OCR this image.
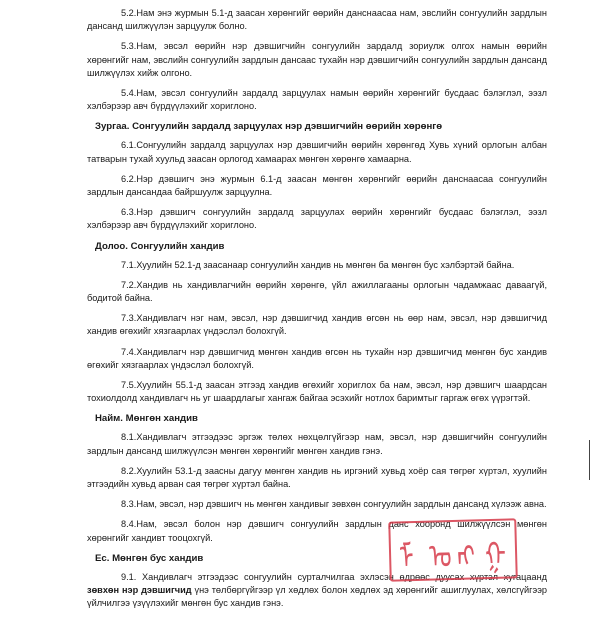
5.2.Нам энэ журмын 5.1-д заасан хөрөнгийг өөрийн данснаасаа нам, эвслийн сонгуулийн зардлын дансанд шилжүүлэн зарцуулж болно.

5.3.Нам, эвсэл өөрийн нэр дэвшигчийн сонгуулийн зардалд зориулж олгох намын өөрийн хөрөнгийг нам, эвслийн сонгуулийн зардлын дансаас тухайн нэр дэвшигчийн сонгуулийн зардлын дансанд шилжүүлэх хийж олгоно.

5.4.Нам, эвсэл сонгуулийн зардалд зарцуулах намын өөрийн хөрөнгийг бусдаас бэлэглэл, ээзл хэлбэрээр авч бүрдүүлэхийг хориглоно.

Зургаа. Сонгуулийн зардалд зарцуулах нэр дэвшигчийн өөрийн хөрөнгө

6.1.Сонгуулийн зардалд зарцуулах нэр дэвшигчийн өөрийн хөрөнгөд Хувь хүний орлогын албан татварын тухай хуульд заасан орлогод хамаарах мөнгөн хөрөнгө хамаарна.

6.2.Нэр дэвшигч энэ журмын 6.1-д заасан мөнгөн хөрөнгийг өөрийн данснаасаа сонгуулийн зардлын дансандаа байршуулж зарцуулна.

6.3.Нэр дэвшигч сонгуулийн зардалд зарцуулах өөрийн хөрөнгийг бусдаас бэлэглэл, ээзл хэлбэрээр авч бүрдүүлэхийг хориглоно.

Долоо. Сонгуулийн хандив

7.1.Хуулийн 52.1-д заасанаар сонгуулийн хандив нь мөнгөн ба мөнгөн бус хэлбэртэй байна.

7.2.Хандив нь хандивлагчийн өөрийн хөрөнгө, үйл ажиллагааны орлогын чадамжаас даваагүй, бодитой байна.

7.3.Хандивлагч нэг нам, эвсэл, нэр дэвшигчид хандив өгсөн нь өөр нам, эвсэл, нэр дэвшигчид хандив өгөхийг хязгаарлах үндэслэл болохгүй.

7.4.Хандивлагч нэр дэвшигчид мөнгөн хандив өгсөн нь тухайн нэр дэвшигчид мөнгөн бус хандив өгөхийг хязгаарлах үндэслэл болохгүй.

7.5.Хуулийн 55.1-д заасан этгээд хандив өгөхийг хориглох ба нам, эвсэл, нэр дэвшигч шаардсан тохиолдолд хандивлагч нь уг шаардлагыг хангаж байгаа эсэхийг нотлох баримтыг гаргаж өгөх үүрэгтэй.

Найм. Мөнгөн хандив

8.1.Хандивлагч этгээдээс эргэж төлөх нөхцөлгүйгээр нам, эвсэл, нэр дэвшигчийн сонгуулийн зардлын дансанд шилжүүлсэн мөнгөн хөрөнгийг мөнгөн хандив гэнэ.

8.2.Хуулийн 53.1-д заасны дагуу мөнгөн хандив нь иргэний хувьд хоёр сая төгрөг хүртэл, хуулийн этгээдийн хувьд арван сая төгрөг хүртэл байна.

8.3.Нам, эвсэл, нэр дэвшигч нь мөнгөн хандивыг зөвхөн сонгуулийн зардлын дансанд хүлээж авна.

8.4.Нам, эвсэл болон нэр дэвшигч сонгуулийн зардлын данс хооронд шилжүүлсэн мөнгөн хөрөнгийг хандивт тооцохгүй.

Ес. Мөнгөн бус хандив

9.1. Хандивлагч этгээдээс сонгуулийн сурталчилгаа эхлэсэн өдрөөс дуусах хүртэл хугацаанд зөвхөн нэр дэвшигчид үнэ төлбөргүйгээр үл хөдлөх болон хөдлөх эд хөрөнгийг ашиглуулах, хөлсгүйгээр үйлчилгээ үзүүлэхийг мөнгөн бус хандив гэнэ.

ᠮ ᠣ ᠩ ᠭ
